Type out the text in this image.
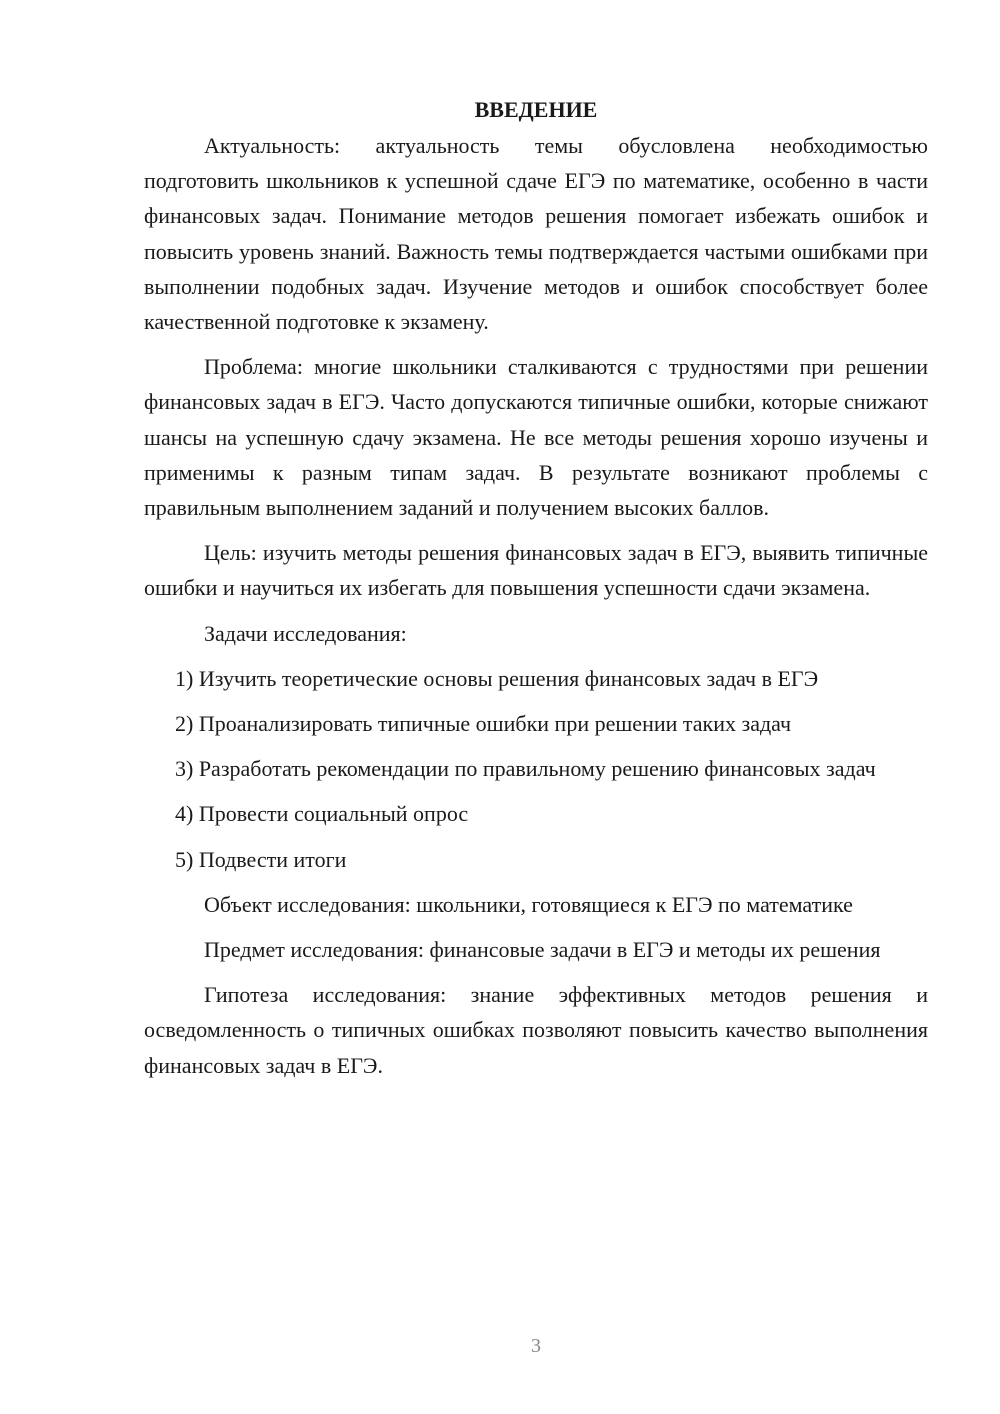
ВВЕДЕНИЕ

Актуальность: актуальность темы обусловлена необходимостью подготовить школьников к успешной сдаче ЕГЭ по математике, особенно в части финансовых задач. Понимание методов решения помогает избежать ошибок и повысить уровень знаний. Важность темы подтверждается частыми ошибками при выполнении подобных задач. Изучение методов и ошибок способствует более качественной подготовке к экзамену.

Проблема: многие школьники сталкиваются с трудностями при решении финансовых задач в ЕГЭ. Часто допускаются типичные ошибки, которые снижают шансы на успешную сдачу экзамена. Не все методы решения хорошо изучены и применимы к разным типам задач. В результате возникают проблемы с правильным выполнением заданий и получением высоких баллов.

Цель: изучить методы решения финансовых задач в ЕГЭ, выявить типичные ошибки и научиться их избегать для повышения успешности сдачи экзамена.

Задачи исследования:

1) Изучить теоретические основы решения финансовых задач в ЕГЭ

2) Проанализировать типичные ошибки при решении таких задач

3) Разработать рекомендации по правильному решению финансовых задач

4) Провести социальный опрос

5) Подвести итоги

Объект исследования: школьники, готовящиеся к ЕГЭ по математике

Предмет исследования: финансовые задачи в ЕГЭ и методы их решения

Гипотеза исследования: знание эффективных методов решения и осведомленность о типичных ошибках позволяют повысить качество выполнения финансовых задач в ЕГЭ.

3
